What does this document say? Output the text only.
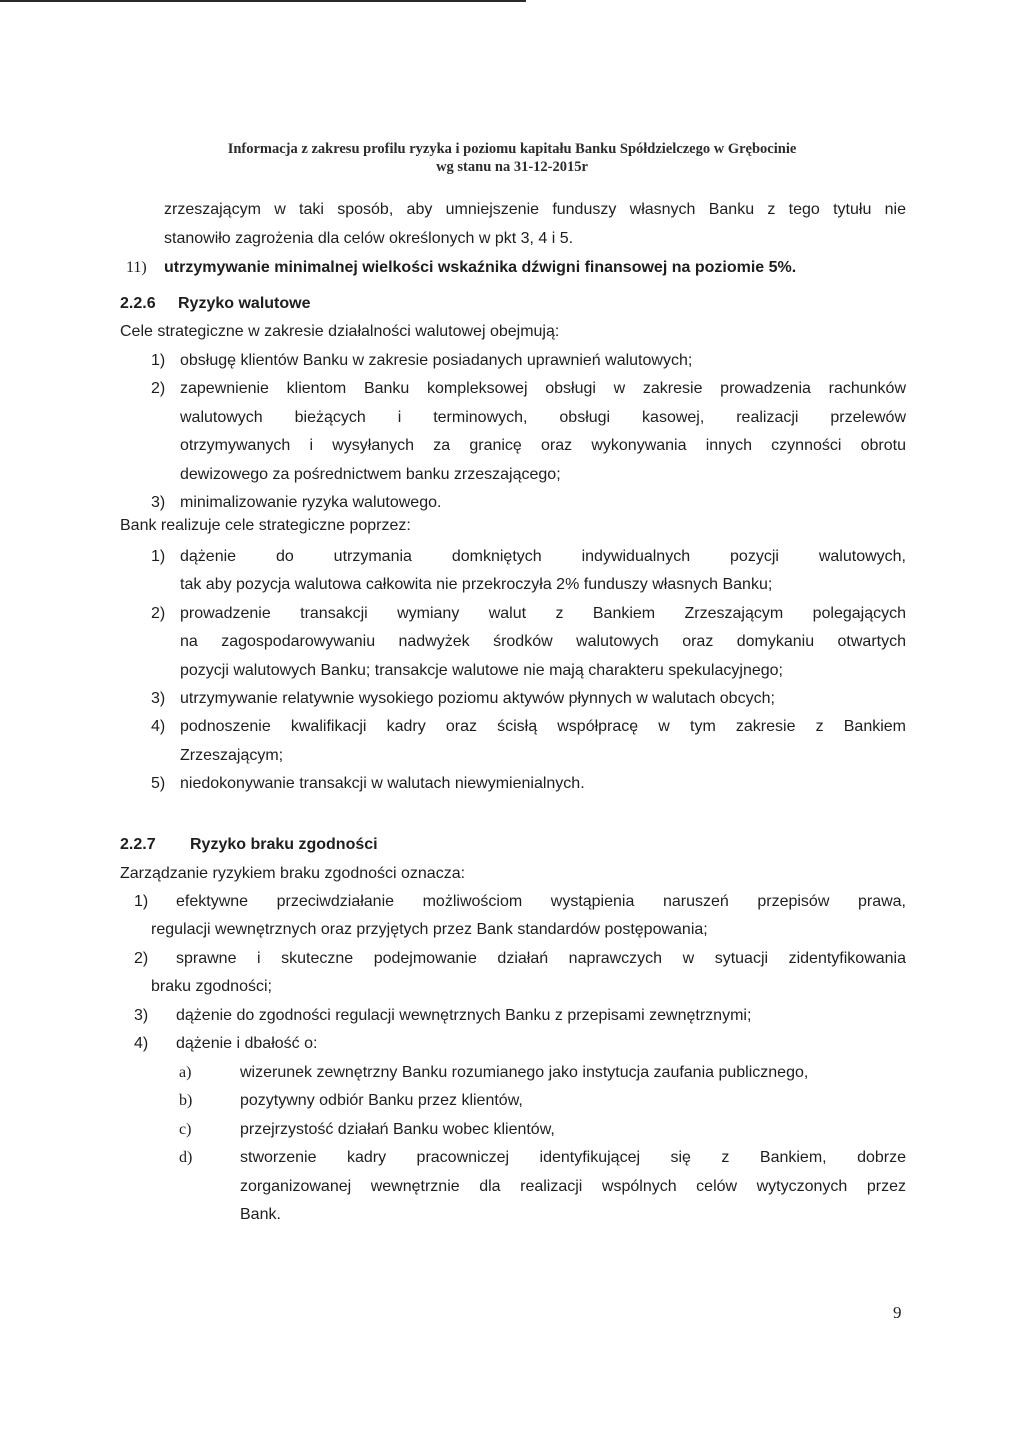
Informacja z zakresu profilu ryzyka i poziomu kapitału Banku Spółdzielczego w Grębocinie
wg stanu na 31-12-2015r
zrzeszającym w taki sposób, aby umniejszenie funduszy własnych Banku z tego tytułu nie
stanowiło zagrożenia dla celów określonych w pkt 3, 4 i 5.
11) utrzymywanie minimalnej wielkości wskaźnika dźwigni finansowej na poziomie 5%.
2.2.6 Ryzyko walutowe
Cele strategiczne w zakresie działalności walutowej obejmują:
1) obsługę klientów Banku w zakresie posiadanych uprawnień walutowych;
2) zapewnienie klientom Banku kompleksowej obsługi w zakresie prowadzenia rachunków
walutowych bieżących i terminowych, obsługi kasowej, realizacji przelewów
otrzymywanych i wysyłanych za granicę oraz wykonywania innych czynności obrotu
dewizowego za pośrednictwem banku zrzeszającego;
3) minimalizowanie ryzyka walutowego.
Bank realizuje cele strategiczne poprzez:
1) dążenie do utrzymania domkniętych indywidualnych pozycji walutowych,
tak aby pozycja walutowa całkowita nie przekroczyła 2% funduszy własnych Banku;
2) prowadzenie transakcji wymiany walut z Bankiem Zrzeszającym polegających
na zagospodarowywaniu nadwyżek środków walutowych oraz domykaniu otwartych
pozycji walutowych Banku; transakcje walutowe nie mają charakteru spekulacyjnego;
3) utrzymywanie relatywnie wysokiego poziomu aktywów płynnych w walutach obcych;
4) podnoszenie kwalifikacji kadry oraz ścisłą współpracę w tym zakresie z Bankiem
Zrzeszającym;
5) niedokonywanie transakcji w walutach niewymienialnych.
2.2.7 Ryzyko braku zgodności
Zarządzanie ryzykiem braku zgodności oznacza:
1) efektywne przeciwdziałanie możliwościom wystąpienia naruszeń przepisów prawa,
regulacji wewnętrznych oraz przyjętych przez Bank standardów postępowania;
2) sprawne i skuteczne podejmowanie działań naprawczych w sytuacji zidentyfikowania
braku zgodności;
3) dążenie do zgodności regulacji wewnętrznych Banku z przepisami zewnętrznymi;
4) dążenie i dbałość o:
a)	wizerunek zewnętrzny Banku rozumianego jako instytucja zaufania publicznego,
b)	pozytywny odbiór Banku przez klientów,
c)	przejrzystość działań Banku wobec klientów,
d)	stworzenie kadry pracowniczej identyfikującej się z Bankiem, dobrze
zorganizowanej wewnętrznie dla realizacji wspólnych celów wytyczonych przez
Bank.
9
